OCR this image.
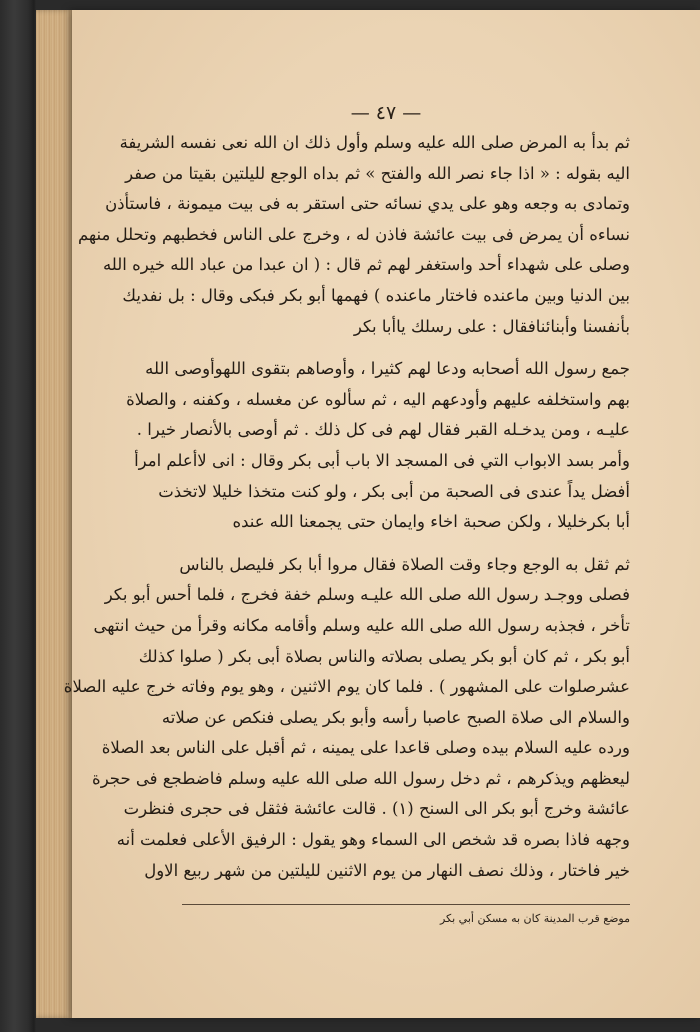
— ٤٧ —
ثم بدأ به المرض صلى الله عليه وسلم وأول ذلك ان الله نعى نفسه الشريفة
اليه بقوله : « اذا جاء نصر الله والفتح » ثم بداه الوجع لليلتين بقيتا من صفر
وتمادى به وجعه وهو على يدي نسائه حتى استقر به فى بيت ميمونة ، فاستأذن
نساءه أن يمرض فى بيت عائشة فاذن له ، وخرج على الناس فخطبهم وتحلل منهم
وصلى على شهداء أحد واستغفر لهم ثم قال : ( ان عبدا من عباد الله خيره الله
بين الدنيا وبين ماعنده فاختار ماعنده ) فهمها أبو بكر فبكى وقال : بل نفديك
بأنفسنا وأبنائنافقال : على رسلك ياأبا بكر
جمع رسول الله أصحابه ودعا لهم كثيرا ، وأوصاهم بتقوى اللهوأوصى الله
بهم واستخلفه عليهم وأودعهم اليه ، ثم سألوه عن مغسله ، وكفنه ، والصلاة
عليـه ، ومن يدخـله القبر فقال لهم فى كل ذلك . ثم أوصى بالأنصار خيرا .
وأمر بسد الابواب التي فى المسجد الا باب أبى بكر وقال : انى لاأعلم امرأ
أفضل يداً عندى فى الصحبة من أبى بكر ، ولو كنت متخذا خليلا لاتخذت
أبا بكرخليلا ، ولكن صحبة اخاء وايمان حتى يجمعنا الله عنده
ثم ثقل به الوجع وجاء وقت الصلاة فقال مروا أبا بكر فليصل بالناس
فصلى ووجـد رسول الله صلى الله عليـه وسلم خفة فخرج ، فلما أحس أبو بكر
تأخر ، فجذبه رسول الله صلى الله عليه وسلم وأقامه مكانه وقرأ من حيث انتهى
أبو بكر ، ثم كان أبو بكر يصلى بصلاته والناس بصلاة أبى بكر ( صلوا كذلك
عشرصلوات على المشهور ) . فلما كان يوم الاثنين ، وهو يوم وفاته خرج عليه الصلاة
والسلام الى صلاة الصبح عاصبا رأسه وأبو بكر يصلى فنكص عن صلاته
ورده عليه السلام بيده وصلى قاعدا على يمينه ، ثم أقبل على الناس بعد الصلاة
ليعظهم ويذكرهم ، ثم دخل رسول الله صلى الله عليه وسلم فاضطجع فى حجرة
عائشة وخرج أبو بكر الى السنح (١) . قالت عائشة فثقل فى حجرى فنظرت
وجهه فاذا بصره قد شخص الى السماء وهو يقول : الرفيق الأعلى فعلمت أنه
خير فاختار ، وذلك نصف النهار من يوم الاثنين لليلتين من شهر ربيع الاول
موضع قرب المدينة كان به مسكن أبي بكر
